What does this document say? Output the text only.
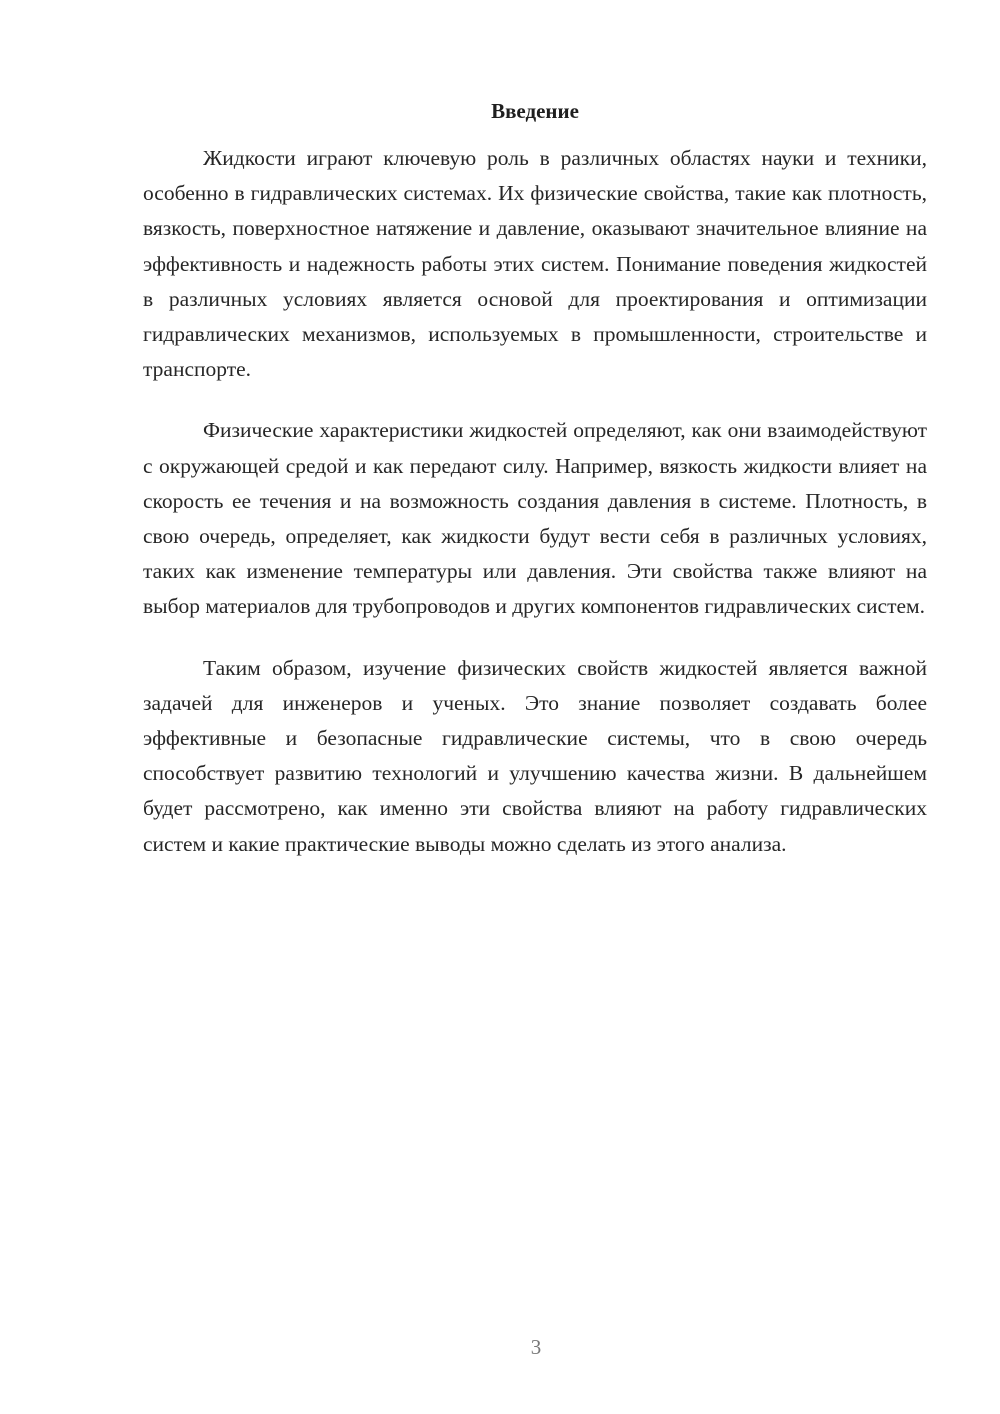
Введение

Жидкости играют ключевую роль в различных областях науки и техники, особенно в гидравлических системах. Их физические свойства, такие как плотность, вязкость, поверхностное натяжение и давление, оказывают значительное влияние на эффективность и надежность работы этих систем. Понимание поведения жидкостей в различных условиях является основой для проектирования и оптимизации гидравлических механизмов, используемых в промышленности, строительстве и транспорте.

Физические характеристики жидкостей определяют, как они взаимодействуют с окружающей средой и как передают силу. Например, вязкость жидкости влияет на скорость ее течения и на возможность создания давления в системе. Плотность, в свою очередь, определяет, как жидкости будут вести себя в различных условиях, таких как изменение температуры или давления. Эти свойства также влияют на выбор материалов для трубопроводов и других компонентов гидравлических систем.

Таким образом, изучение физических свойств жидкостей является важной задачей для инженеров и ученых. Это знание позволяет создавать более эффективные и безопасные гидравлические системы, что в свою очередь способствует развитию технологий и улучшению качества жизни. В дальнейшем будет рассмотрено, как именно эти свойства влияют на работу гидравлических систем и какие практические выводы можно сделать из этого анализа.

3
